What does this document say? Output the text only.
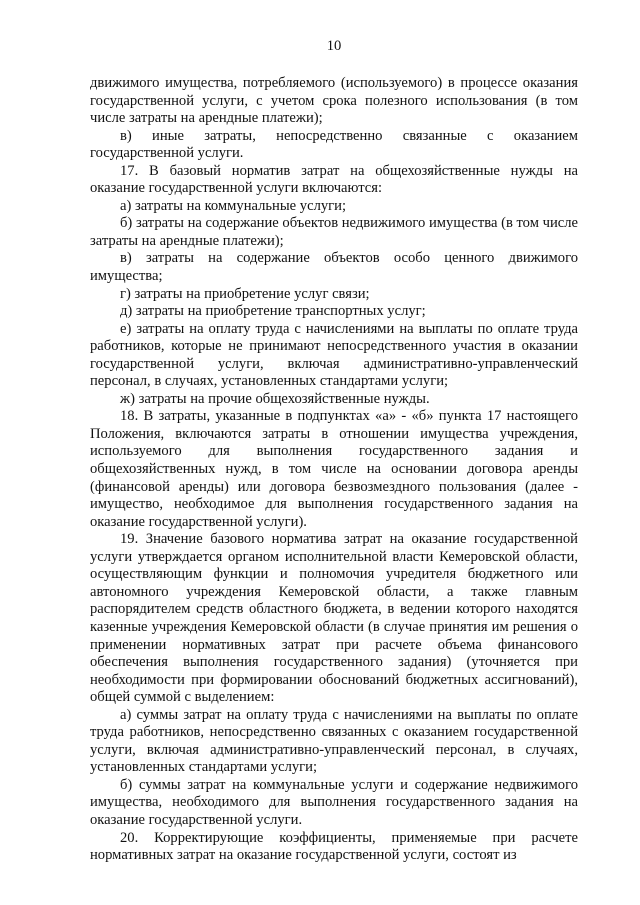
10

движимого имущества, потребляемого (используемого) в процессе оказания государственной услуги, с учетом срока полезного использования (в том числе затраты на арендные платежи);

в) иные затраты, непосредственно связанные с оказанием государственной услуги.

17. В базовый норматив затрат на общехозяйственные нужды на оказание государственной услуги включаются:

а) затраты на коммунальные услуги;

б) затраты на содержание объектов недвижимого имущества (в том числе затраты на арендные платежи);

в) затраты на содержание объектов особо ценного движимого имущества;

г) затраты на приобретение услуг связи;

д) затраты на приобретение транспортных услуг;

е) затраты на оплату труда с начислениями на выплаты по оплате труда работников, которые не принимают непосредственного участия в оказании государственной услуги, включая административно-управленческий персонал, в случаях, установленных стандартами услуги;

ж) затраты на прочие общехозяйственные нужды.

18. В затраты, указанные в подпунктах «а» - «б» пункта 17 настоящего Положения, включаются затраты в отношении имущества учреждения, используемого для выполнения государственного задания и общехозяйственных нужд, в том числе на основании договора аренды (финансовой аренды) или договора безвозмездного пользования (далее - имущество, необходимое для выполнения государственного задания на оказание государственной услуги).

19. Значение базового норматива затрат на оказание государственной услуги утверждается органом исполнительной власти Кемеровской области, осуществляющим функции и полномочия учредителя бюджетного или автономного учреждения Кемеровской области, а также главным распорядителем средств областного бюджета, в ведении которого находятся казенные учреждения Кемеровской области (в случае принятия им решения о применении нормативных затрат при расчете объема финансового обеспечения выполнения государственного задания) (уточняется при необходимости при формировании обоснований бюджетных ассигнований), общей суммой с выделением:

а) суммы затрат на оплату труда с начислениями на выплаты по оплате труда работников, непосредственно связанных с оказанием государственной услуги, включая административно-управленческий персонал, в случаях, установленных стандартами услуги;

б) суммы затрат на коммунальные услуги и содержание недвижимого имущества, необходимого для выполнения государственного задания на оказание государственной услуги.

20. Корректирующие коэффициенты, применяемые при расчете нормативных затрат на оказание государственной услуги, состоят из
